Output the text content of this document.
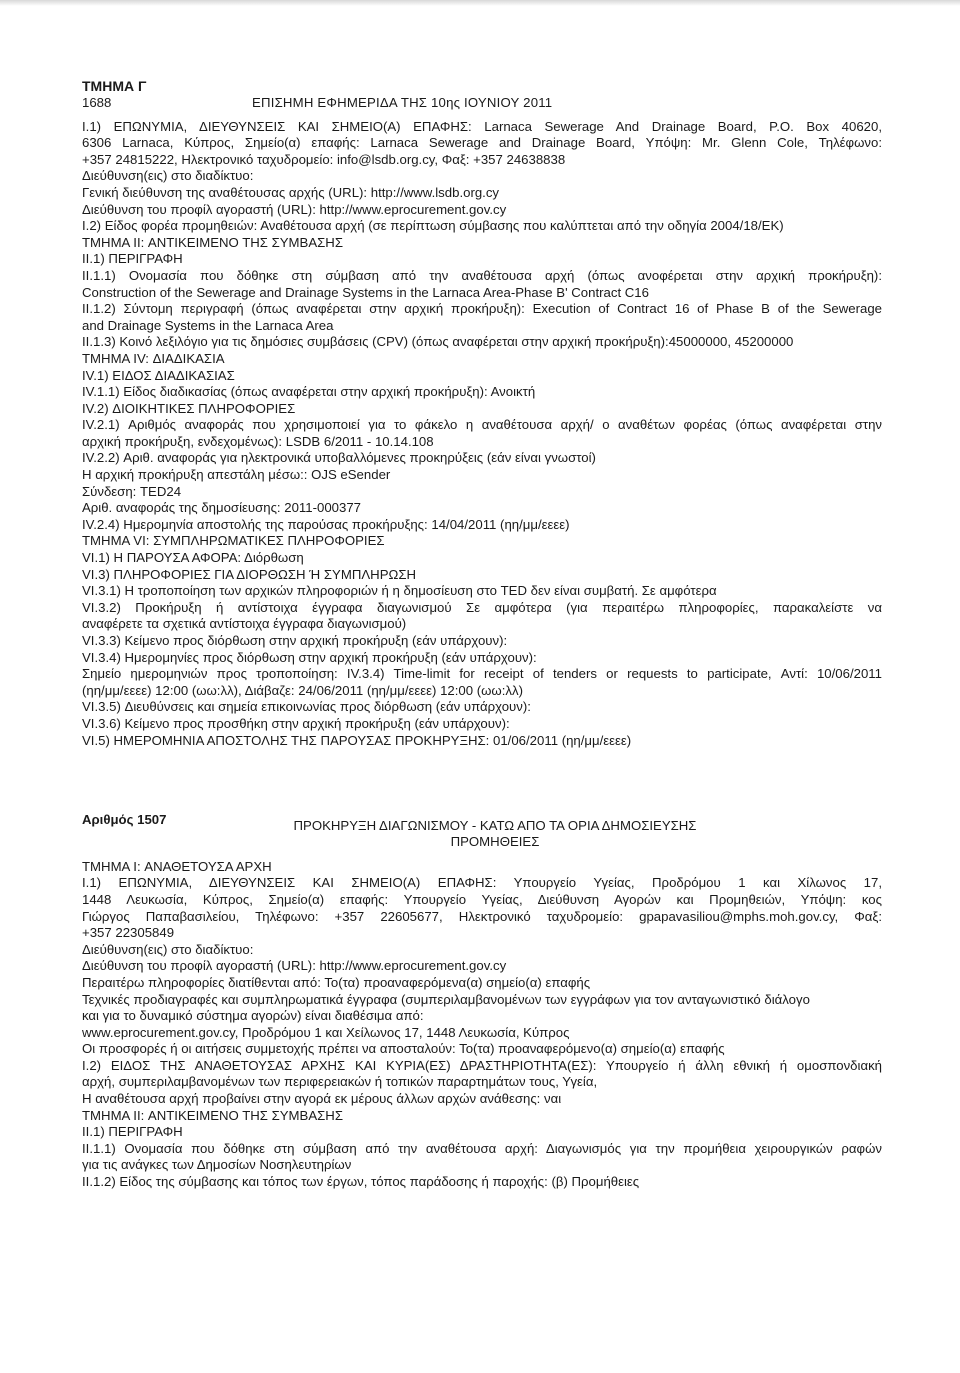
ΤΜΗΜΑ Γ
1688	ΕΠΙΣΗΜΗ ΕΦΗΜΕΡΙΔΑ ΤΗΣ 10ης ΙΟΥΝΙΟΥ 2011
I.1) ΕΠΩΝΥΜΙΑ, ΔΙΕΥΘΥΝΣΕΙΣ ΚΑΙ ΣΗΜΕΙΟ(Α) ΕΠΑΦΗΣ: Larnaca Sewerage And Drainage Board, P.O. Box 40620,
6306 Larnaca, Κύπρος, Σημείο(α) επαφής: Larnaca Sewerage and Drainage Board, Υπόψη: Mr. Glenn Cole, Τηλέφωνο:
+357 24815222, Ηλεκτρονικό ταχυδρομείο: info@lsdb.org.cy, Φαξ: +357 24638838
Διεύθυνση(εις) στο διαδίκτυο:
Γενική διεύθυνση της αναθέτουσας αρχής (URL): http://www.lsdb.org.cy
Διεύθυνση του προφίλ αγοραστή (URL): http://www.eprocurement.gov.cy
I.2) Είδος φορέα προμηθειών: Αναθέτουσα αρχή (σε περίπτωση σύμβασης που καλύπτεται από την οδηγία 2004/18/ΕΚ)
ΤΜΗΜΑ II: ΑΝΤΙΚΕΙΜΕΝΟ ΤΗΣ ΣΥΜΒΑΣΗΣ
II.1) ΠΕΡΙΓΡΑΦΗ
II.1.1) Ονομασία που δόθηκε στη σύμβαση από την αναθέτουσα αρχή (όπως ανοφέρεται στην αρχική προκήρυξη):
Construction of the Sewerage and Drainage Systems in the Larnaca Area-Phase B' Contract C16
II.1.2) Σύντομη περιγραφή (όπως αναφέρεται στην αρχική προκήρυξη): Execution of Contract 16 of Phase B of the Sewerage
and Drainage Systems in the Larnaca Area
II.1.3) Κοινό λεξιλόγιο για τις δημόσιες συμβάσεις (CPV) (όπως αναφέρεται στην αρχική προκήρυξη):45000000, 45200000
ΤΜΗΜΑ IV: ΔΙΑΔΙΚΑΣΙΑ
IV.1) ΕΙΔΟΣ ΔΙΑΔΙΚΑΣΙΑΣ
IV.1.1) Είδος διαδικασίας (όπως αναφέρεται στην αρχική προκήρυξη): Ανοικτή
IV.2) ΔΙΟΙΚΗΤΙΚΕΣ ΠΛΗΡΟΦΟΡΙΕΣ
IV.2.1) Αριθμός αναφοράς που χρησιμοποιεί για το φάκελο η αναθέτουσα αρχή/ ο αναθέτων φορέας (όπως αναφέρεται στην
αρχική προκήρυξη, ενδεχομένως): LSDB 6/2011 - 10.14.108
IV.2.2) Αριθ. αναφοράς για ηλεκτρονικά υποβαλλόμενες προκηρύξεις (εάν είναι γνωστοί)
Η αρχική προκήρυξη απεστάλη μέσω:: OJS eSender
Σύνδεση: TED24
Αριθ. αναφοράς της δημοσίευσης: 2011-000377
IV.2.4) Ημερομηνία αποστολής της παρούσας προκήρυξης: 14/04/2011 (ηη/μμ/εεεε)
ΤΜΗΜΑ VI: ΣΥΜΠΛΗΡΩΜΑΤΙΚΕΣ ΠΛΗΡΟΦΟΡΙΕΣ
VI.1) Η ΠΑΡΟΥΣΑ ΑΦΟΡΑ: Διόρθωση
VI.3) ΠΛΗΡΟΦΟΡΙΕΣ ΓΙΑ ΔΙΟΡΘΩΣΗ Ή ΣΥΜΠΛΗΡΩΣΗ
VI.3.1) Η τροποποίηση των αρχικών πληροφοριών ή η δημοσίευση στο TED δεν είναι συμβατή. Σε αμφότερα
VI.3.2) Προκήρυξη ή αντίστοιχα έγγραφα διαγωνισμού Σε αμφότερα (για περαιτέρω πληροφορίες, παρακαλείστε να
αναφέρετε τα σχετικά αντίστοιχα έγγραφα διαγωνισμού)
VI.3.3) Κείμενο προς διόρθωση στην αρχική προκήρυξη (εάν υπάρχουν):
VI.3.4) Ημερομηνίες προς διόρθωση στην αρχική προκήρυξη (εάν υπάρχουν):
Σημείο ημερομηνιών προς τροποποίηση: IV.3.4) Time-limit for receipt of tenders or requests to participate, Αντί: 10/06/2011
(ηη/μμ/εεεε) 12:00 (ωω:λλ), Διάβαζε: 24/06/2011 (ηη/μμ/εεεε) 12:00 (ωω:λλ)
VI.3.5) Διευθύνσεις και σημεία επικοινωνίας προς διόρθωση (εάν υπάρχουν):
VI.3.6) Κείμενο προς προσθήκη στην αρχική προκήρυξη (εάν υπάρχουν):
VI.5) ΗΜΕΡΟΜΗΝΙΑ ΑΠΟΣΤΟΛΗΣ ΤΗΣ ΠΑΡΟΥΣΑΣ ΠΡΟΚΗΡΥΞΗΣ: 01/06/2011 (ηη/μμ/εεεε)
Αριθμός 1507	ΠΡΟΚΗΡΥΞΗ ΔΙΑΓΩΝΙΣΜΟΥ - ΚΑΤΩ ΑΠΟ ΤΑ ΟΡΙΑ ΔΗΜΟΣΙΕΥΣΗΣ
ΠΡΟΜΗΘΕΙΕΣ
ΤΜΗΜΑ I: ΑΝΑΘΕΤΟΥΣΑ ΑΡΧΗ
I.1) ΕΠΩΝΥΜΙΑ, ΔΙΕΥΘΥΝΣΕΙΣ ΚΑΙ ΣΗΜΕΙΟ(Α) ΕΠΑΦΗΣ: Υπουργείο Υγείας, Προδρόμου 1 και Χίλωνος 17,
1448 Λευκωσία, Κύπρος, Σημείο(α) επαφής: Υπουργείο Υγείας, Διεύθυνση Αγορών και Προμηθειών, Υπόψη: κος
Γιώργος Παπαβασιλείου, Τηλέφωνο: +357 22605677, Ηλεκτρονικό ταχυδρομείο: gpapavasiliou@mphs.moh.gov.cy, Φαξ:
+357 22305849
Διεύθυνση(εις) στο διαδίκτυο:
Διεύθυνση του προφίλ αγοραστή (URL): http://www.eprocurement.gov.cy
Περαιτέρω πληροφορίες διατίθενται από: Το(τα) προαναφερόμενα(α) σημείο(α) επαφής
Τεχνικές προδιαγραφές και συμπληρωματικά έγγραφα (συμπεριλαμβανομένων των εγγράφων για τον ανταγωνιστικό διάλογο
και για το δυναμικό σύστημα αγορών) είναι διαθέσιμα από:
www.eprocurement.gov.cy, Προδρόμου 1 και Χείλωνος 17, 1448 Λευκωσία, Κύπρος
Οι προσφορές ή οι αιτήσεις συμμετοχής πρέπει να αποσταλούν: Το(τα) προαναφερόμενο(α) σημείο(α) επαφής
I.2) ΕΙΔΟΣ ΤΗΣ ΑΝΑΘΕΤΟΥΣΑΣ ΑΡΧΗΣ ΚΑΙ ΚΥΡΙΑ(ΕΣ) ΔΡΑΣΤΗΡΙΟΤΗΤΑ(ΕΣ): Υπουργείο ή άλλη εθνική ή ομοσπονδιακή
αρχή, συμπεριλαμβανομένων των περιφερειακών ή τοπικών παραρτημάτων τους, Υγεία,
Η αναθέτουσα αρχή προβαίνει στην αγορά εκ μέρους άλλων αρχών ανάθεσης: ναι
ΤΜΗΜΑ II: ΑΝΤΙΚΕΙΜΕΝΟ ΤΗΣ ΣΥΜΒΑΣΗΣ
II.1) ΠΕΡΙΓΡΑΦΗ
II.1.1) Ονομασία που δόθηκε στη σύμβαση από την αναθέτουσα αρχή: Διαγωνισμός για την προμήθεια χειρουργικών ραφών
για τις ανάγκες των Δημοσίων Νοσηλευτηρίων
II.1.2) Είδος της σύμβασης και τόπος των έργων, τόπος παράδοσης ή παροχής: (β) Προμήθειες
